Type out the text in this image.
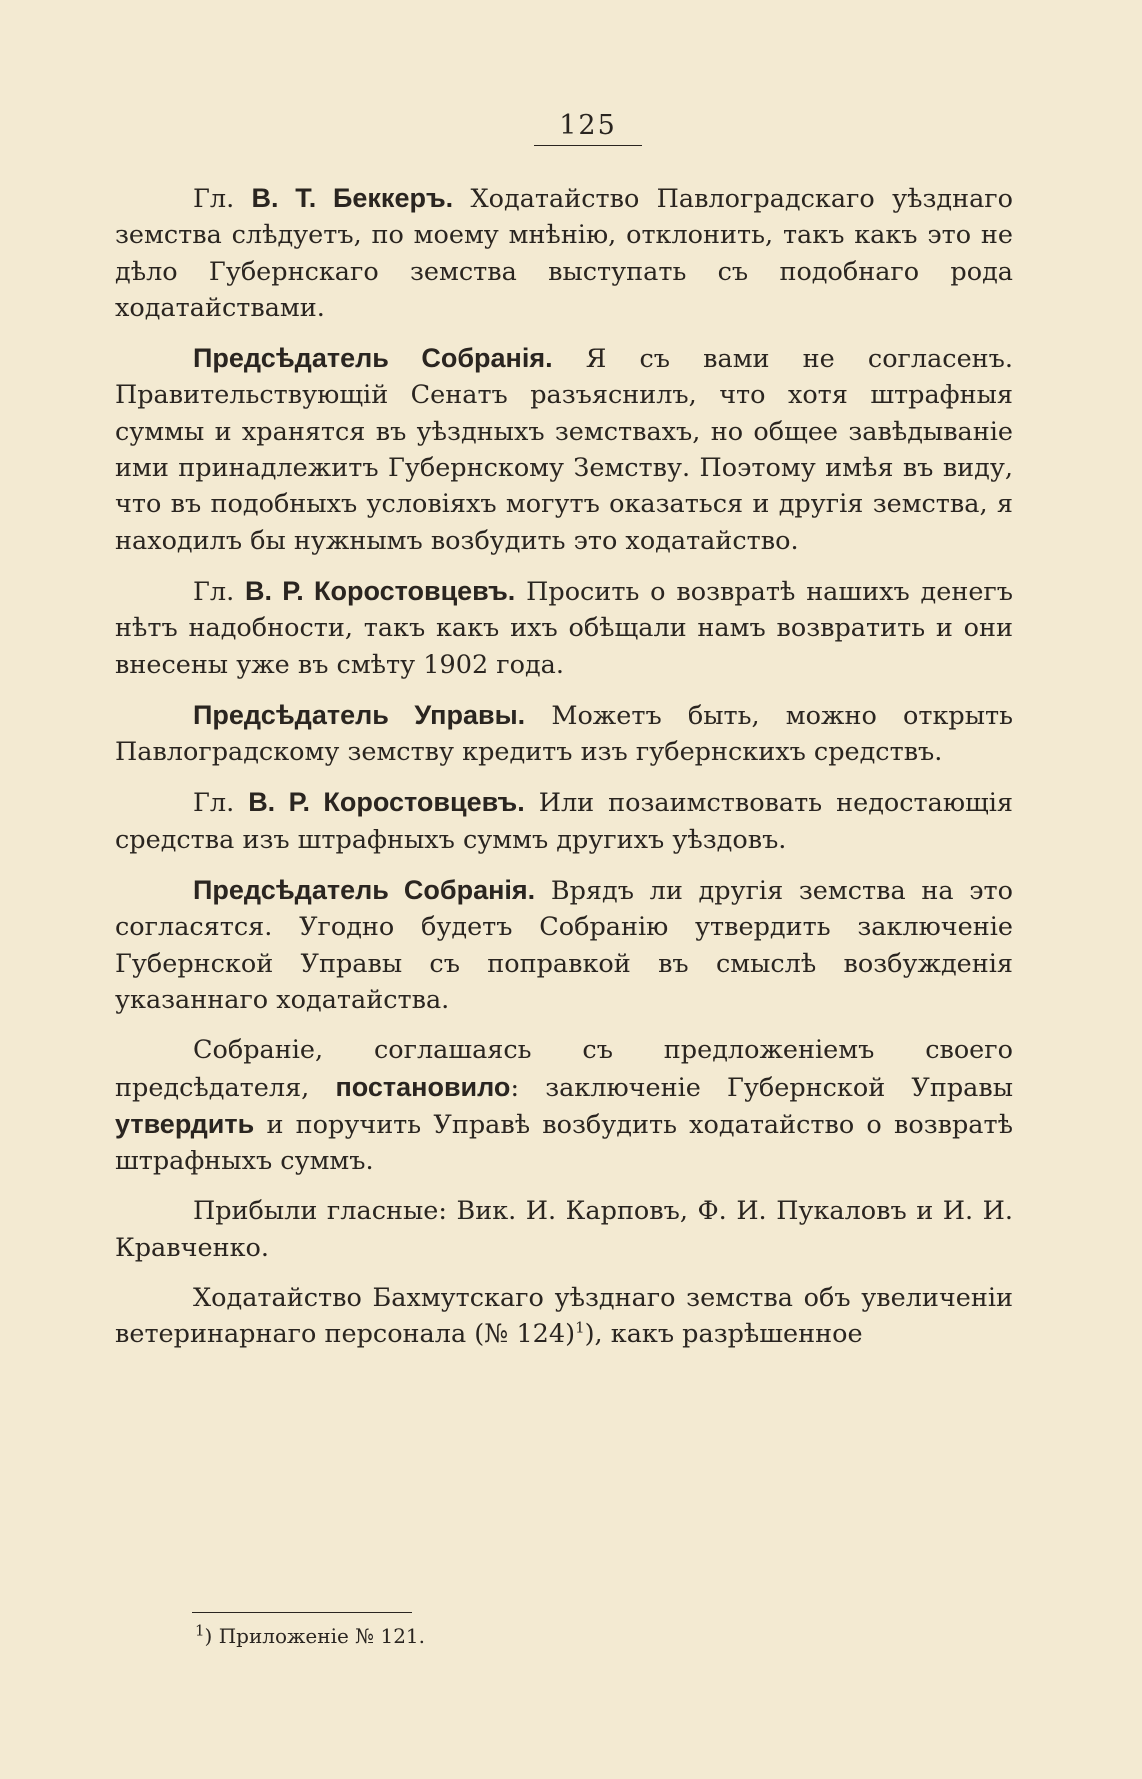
125

Гл. В. Т. Беккеръ. Ходатайство Павлоградскаго уѣзднаго земства слѣдуетъ, по моему мнѣнію, отклонить, такъ какъ это не дѣло Губернскаго земства выступать съ подобнаго рода ходатайствами.

Предсѣдатель Собранія. Я съ вами не согласенъ. Правительствующій Сенатъ разъяснилъ, что хотя штрафныя суммы и хранятся въ уѣздныхъ земствахъ, но общее завѣдываніе ими принадлежитъ Губернскому Земству. Поэтому имѣя въ виду, что въ подобныхъ условіяхъ могутъ оказаться и другія земства, я находилъ бы нужнымъ возбудить это ходатайство.

Гл. В. Р. Коростовцевъ. Просить о возвратѣ нашихъ денегъ нѣтъ надобности, такъ какъ ихъ обѣщали намъ возвратить и они внесены уже въ смѣту 1902 года.

Предсѣдатель Управы. Можетъ быть, можно открыть Павлоградскому земству кредитъ изъ губернскихъ средствъ.

Гл. В. Р. Коростовцевъ. Или позаимствовать недостающія средства изъ штрафныхъ суммъ другихъ уѣздовъ.

Предсѣдатель Собранія. Врядъ ли другія земства на это согласятся. Угодно будетъ Собранію утвердить заключеніе Губернской Управы съ поправкой въ смыслѣ возбужденія указаннаго ходатайства.

Собраніе, соглашаясь съ предложеніемъ своего предсѣдателя, постановило: заключеніе Губернской Управы утвердить и поручить Управѣ возбудить ходатайство о возвратѣ штрафныхъ суммъ.

Прибыли гласные: Вик. И. Карповъ, Ф. И. Пукаловъ и И. И. Кравченко.

Ходатайство Бахмутскаго уѣзднаго земства объ увеличеніи ветеринарнаго персонала (№ 124)$^1$), какъ разрѣшенное

$^1$) Приложеніе № 121.
